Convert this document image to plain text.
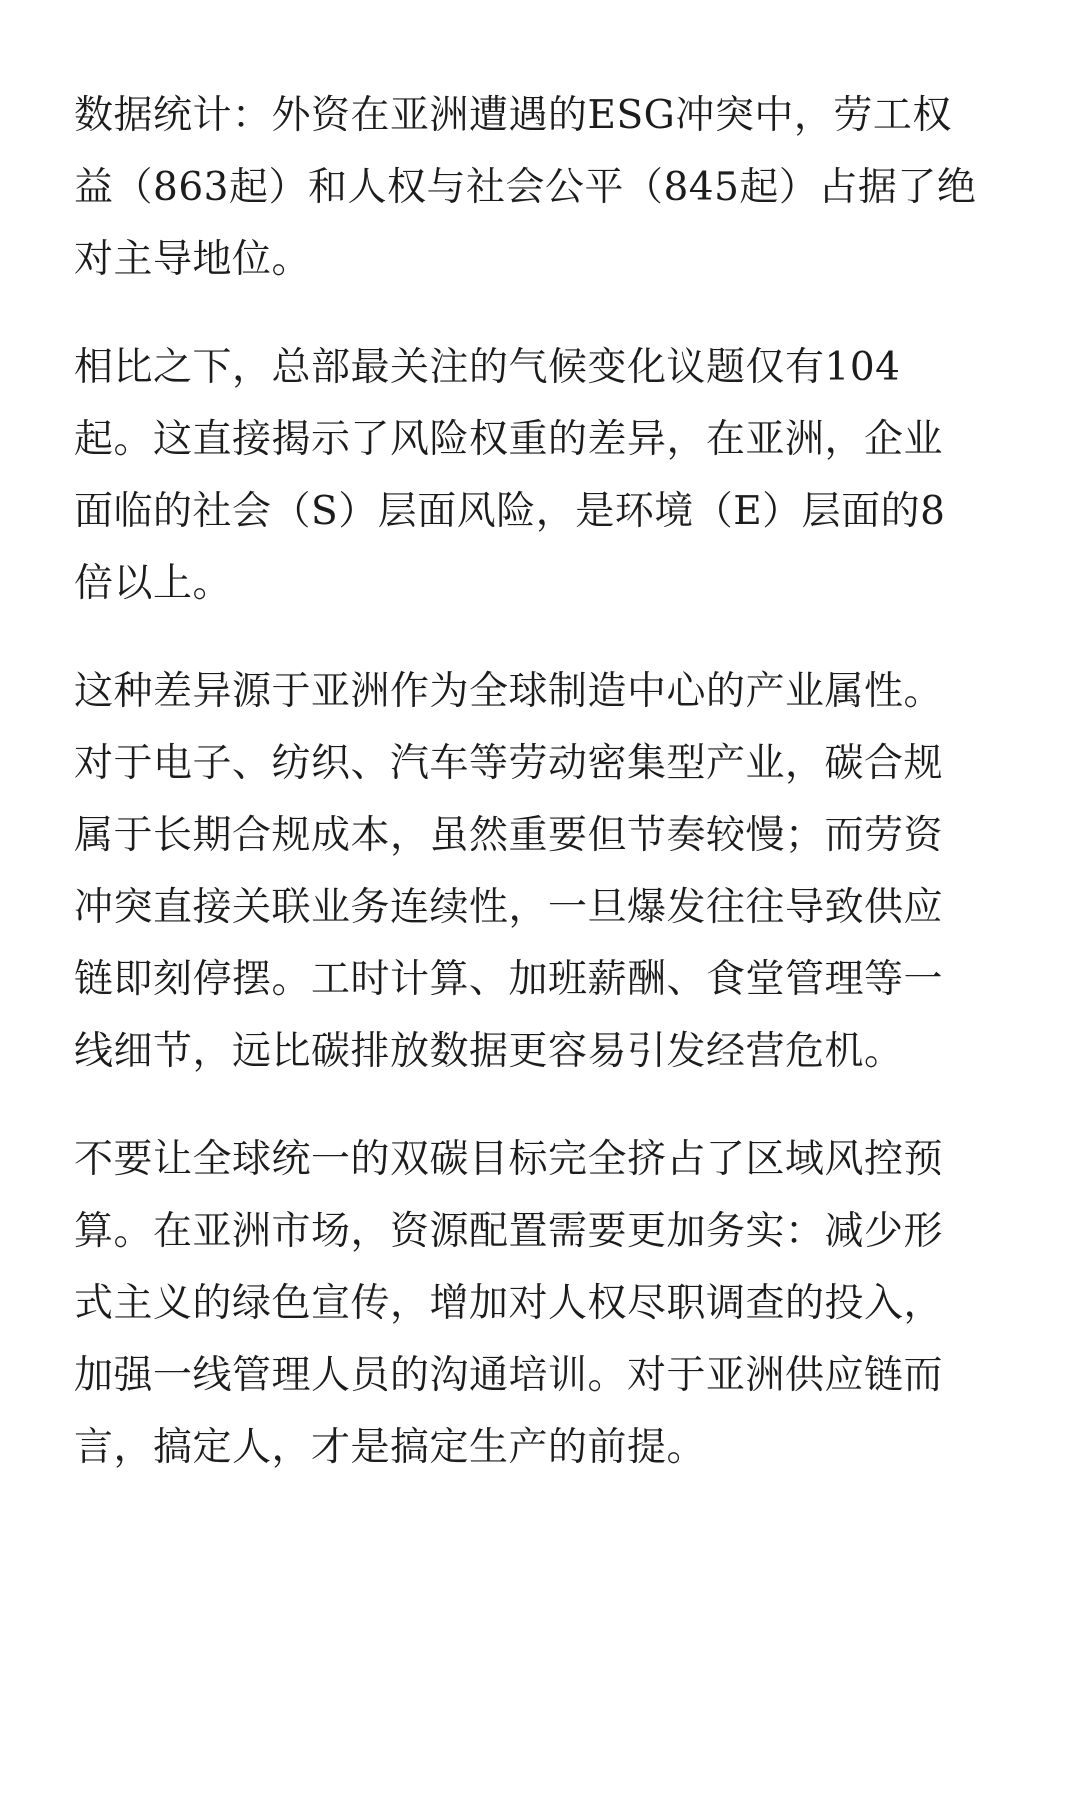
数据统计：外资在亚洲遭遇的ESG冲突中，劳工权
益（863起）和人权与社会公平（845起）占据了绝
对主导地位。

相比之下，总部最关注的气候变化议题仅有104
起。这直接揭示了风险权重的差异，在亚洲，企业
面临的社会（S）层面风险，是环境（E）层面的8
倍以上。

这种差异源于亚洲作为全球制造中心的产业属性。
对于电子、纺织、汽车等劳动密集型产业，碳合规
属于长期合规成本，虽然重要但节奏较慢；而劳资
冲突直接关联业务连续性，一旦爆发往往导致供应
链即刻停摆。工时计算、加班薪酬、食堂管理等一
线细节，远比碳排放数据更容易引发经营危机。

不要让全球统一的双碳目标完全挤占了区域风控预
算。在亚洲市场，资源配置需要更加务实：减少形
式主义的绿色宣传，增加对人权尽职调查的投入，
加强一线管理人员的沟通培训。对于亚洲供应链而
言，搞定人，才是搞定生产的前提。
